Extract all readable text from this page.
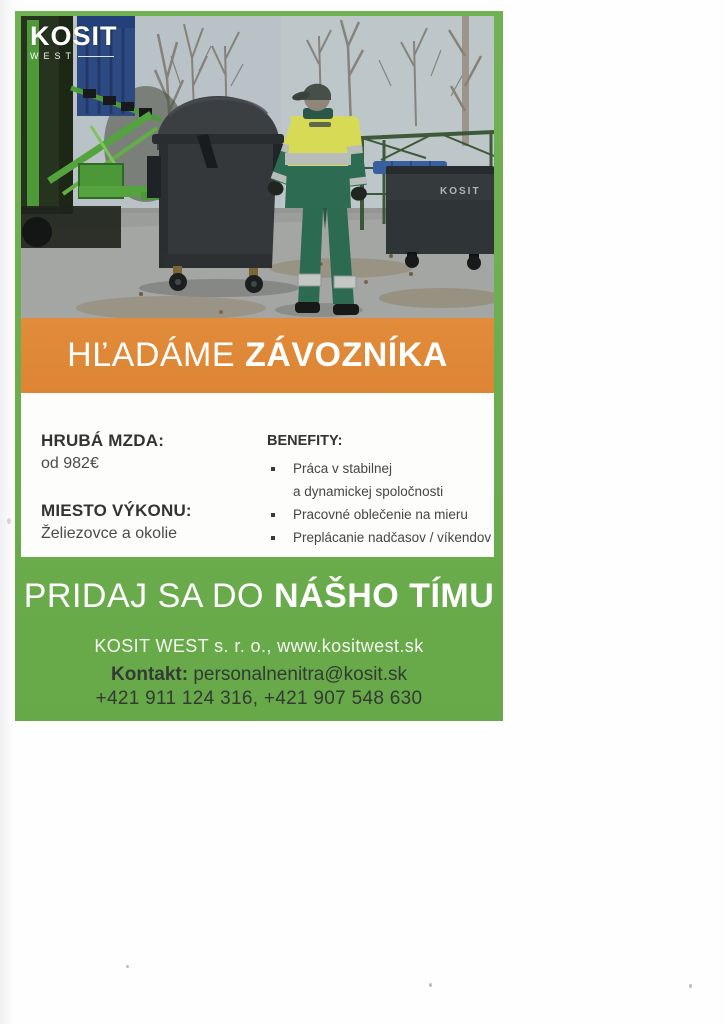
KOSIT
KOSIT
WEST
HĽADÁME ZÁVOZNÍKA
HRUBÁ MZDA:
od 982€
MIESTO VÝKONU:
Želiezovce a okolie
BENEFITY:
Práca v stabilnej
a dynamickej spoločnosti
Pracovné oblečenie na mieru
Preplácanie nadčasov / víkendov
PRIDAJ SA DO NÁŠHO TÍMU
KOSIT WEST s. r. o., www.kositwest.sk
Kontakt: personalnenitra@kosit.sk
+421 911 124 316, +421 907 548 630
